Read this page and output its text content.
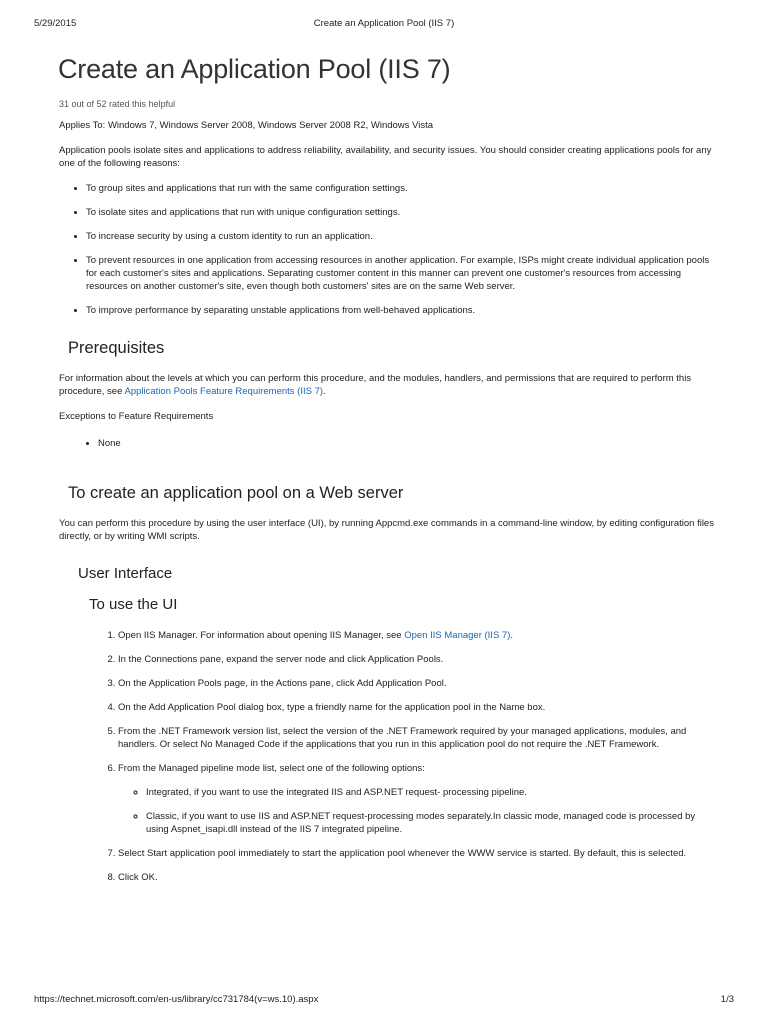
5/29/2015	Create an Application Pool (IIS 7)
Create an Application Pool (IIS 7)
31 out of 52 rated this helpful

Applies To: Windows 7, Windows Server 2008, Windows Server 2008 R2, Windows Vista

Application pools isolate sites and applications to address reliability, availability, and security issues. You should consider creating applications pools for any one of the following reasons:

• To group sites and applications that run with the same configuration settings.
• To isolate sites and applications that run with unique configuration settings.
• To increase security by using a custom identity to run an application.
• To prevent resources in one application from accessing resources in another application. For example, ISPs might create individual application pools for each customer's sites and applications. Separating customer content in this manner can prevent one customer's resources from accessing resources on another customer's site, even though both customers' sites are on the same Web server.
• To improve performance by separating unstable applications from well-behaved applications.
Prerequisites

For information about the levels at which you can perform this procedure, and the modules, handlers, and permissions that are required to perform this procedure, see Application Pools Feature Requirements (IIS 7).

Exceptions to Feature Requirements

• None
To create an application pool on a Web server

You can perform this procedure by using the user interface (UI), by running Appcmd.exe commands in a command-line window, by editing configuration files directly, or by writing WMI scripts.

User Interface
To use the UI
1. Open IIS Manager. For information about opening IIS Manager, see Open IIS Manager (IIS 7).
2. In the Connections pane, expand the server node and click Application Pools.
3. On the Application Pools page, in the Actions pane, click Add Application Pool.
4. On the Add Application Pool dialog box, type a friendly name for the application pool in the Name box.
5. From the .NET Framework version list, select the version of the .NET Framework required by your managed applications, modules, and handlers. Or select No Managed Code if the applications that you run in this application pool do not require the .NET Framework.
6. From the Managed pipeline mode list, select one of the following options:
◦ Integrated, if you want to use the integrated IIS and ASP.NET request- processing pipeline.
◦ Classic, if you want to use IIS and ASP.NET request-processing modes separately.In classic mode, managed code is processed by using Aspnet_isapi.dll instead of the IIS 7 integrated pipeline.
7. Select Start application pool immediately to start the application pool whenever the WWW service is started. By default, this is selected.
8. Click OK.
https://technet.microsoft.com/en-us/library/cc731784(v=ws.10).aspx	1/3
